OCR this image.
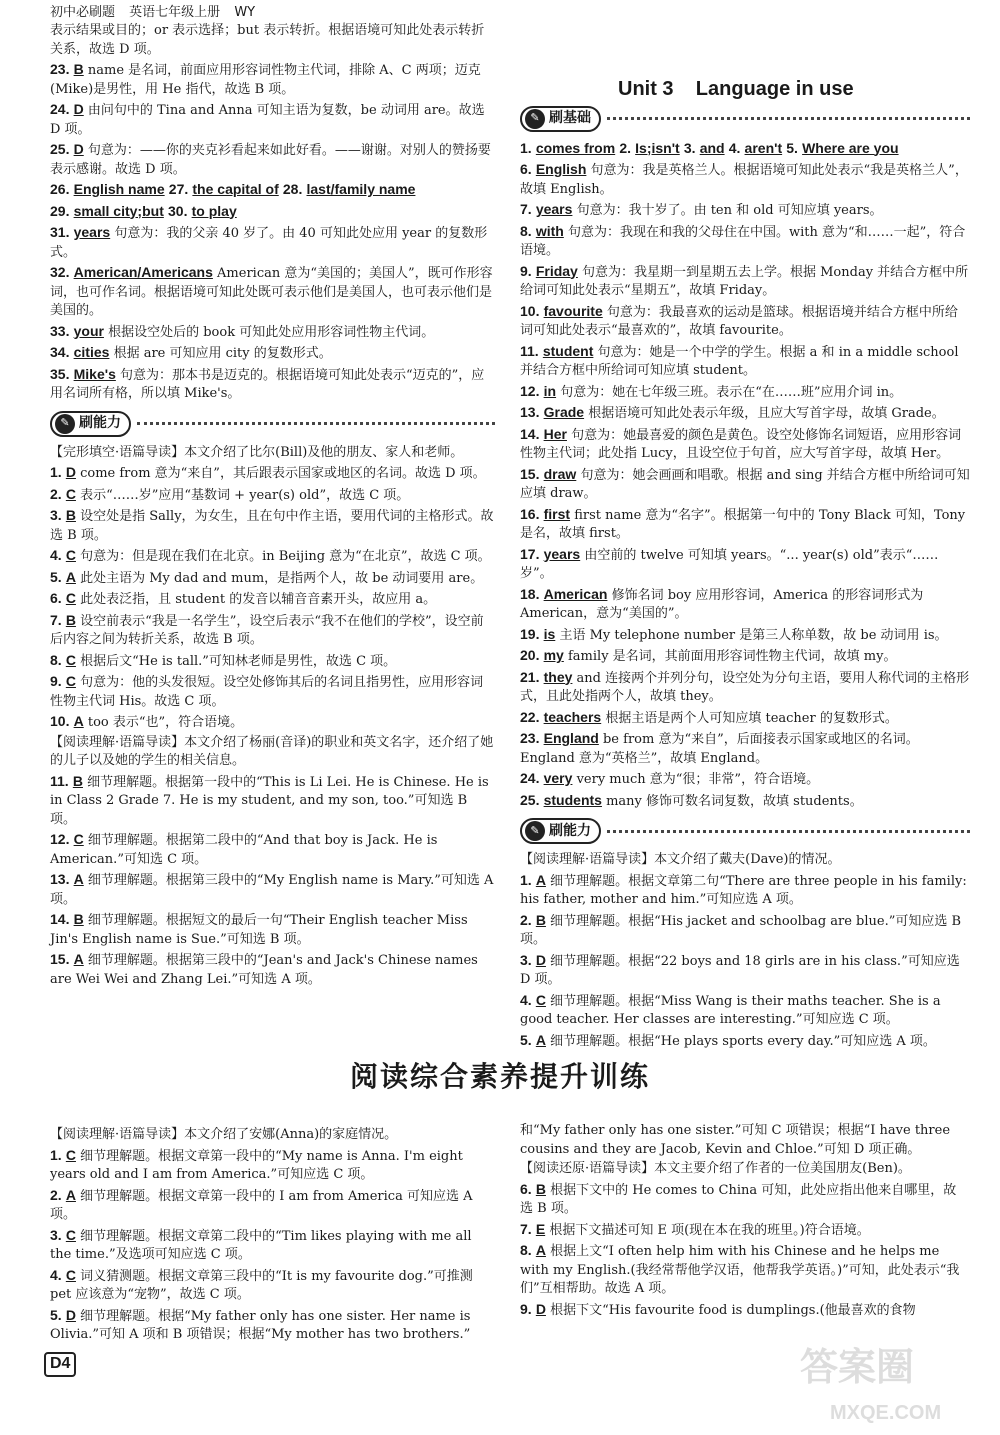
初中必刷题 英语七年级上册 WY

表示结果或目的；or 表示选择；but 表示转折。根据语境可知此处表示转折关系，故选 D 项。

23. B name 是名词，前面应用形容词性物主代词，排除 A、C 两项；迈克(Mike)是男性，用 He 指代，故选 B 项。

24. D 由问句中的 Tina and Anna 可知主语为复数，be 动词用 are。故选 D 项。

25. D 句意为：——你的夹克衫看起来如此好看。——谢谢。对别人的赞扬要表示感谢。故选 D 项。

26. English name 27. the capital of 28. last/family name

29. small city;but 30. to play

31. years 句意为：我的父亲 40 岁了。由 40 可知此处应用 year 的复数形式。

32. American/Americans American 意为“美国的；美国人”，既可作形容词，也可作名词。根据语境可知此处既可表示他们是美国人，也可表示他们是美国的。

33. your 根据设空处后的 book 可知此处应用形容词性物主代词。

34. cities 根据 are 可知应用 city 的复数形式。

35. Mike's 句意为：那本书是迈克的。根据语境可知此处表示“迈克的”，应用名词所有格，所以填 Mike's。

✎ 刷能力

【完形填空·语篇导读】本文介绍了比尔(Bill)及他的朋友、家人和老师。

1. D come from 意为“来自”，其后跟表示国家或地区的名词。故选 D 项。

2. C 表示“……岁”应用“基数词 + year(s) old”，故选 C 项。

3. B 设空处是指 Sally，为女生，且在句中作主语，要用代词的主格形式。故选 B 项。

4. C 句意为：但是现在我们在北京。in Beijing 意为“在北京”，故选 C 项。

5. A 此处主语为 My dad and mum，是指两个人，故 be 动词要用 are。

6. C 此处表泛指，且 student 的发音以辅音音素开头，故应用 a。

7. B 设空前表示“我是一名学生”，设空后表示“我不在他们的学校”，设空前后内容之间为转折关系，故选 B 项。

8. C 根据后文“He is tall.”可知林老师是男性，故选 C 项。

9. C 句意为：他的头发很短。设空处修饰其后的名词且指男性，应用形容词性物主代词 His。故选 C 项。

10. A too 表示“也”，符合语境。

【阅读理解·语篇导读】本文介绍了杨丽(音译)的职业和英文名字，还介绍了她的儿子以及她的学生的相关信息。

11. B 细节理解题。根据第一段中的“This is Li Lei. He is Chinese. He is in Class 2 Grade 7. He is my student, and my son, too.”可知选 B 项。

12. C 细节理解题。根据第二段中的“And that boy is Jack. He is American.”可知选 C 项。

13. A 细节理解题。根据第三段中的“My English name is Mary.”可知选 A 项。

14. B 细节理解题。根据短文的最后一句“Their English teacher Miss Jin's English name is Sue.”可知选 B 项。

15. A 细节理解题。根据第三段中的“Jean's and Jack's Chinese names are Wei Wei and Zhang Lei.”可知选 A 项。

Unit 3    Language in use
✎ 刷基础

1. comes from 2. Is;isn't 3. and 4. aren't 5. Where are you

6. English 句意为：我是英格兰人。根据语境可知此处表示“我是英格兰人”，故填 English。

7. years 句意为：我十岁了。由 ten 和 old 可知应填 years。

8. with 句意为：我现在和我的父母住在中国。with 意为“和……一起”，符合语境。

9. Friday 句意为：我星期一到星期五去上学。根据 Monday 并结合方框中所给词可知此处表示“星期五”，故填 Friday。

10. favourite 句意为：我最喜欢的运动是篮球。根据语境并结合方框中所给词可知此处表示“最喜欢的”，故填 favourite。

11. student 句意为：她是一个中学的学生。根据 a 和 in a middle school 并结合方框中所给词可知应填 student。

12. in 句意为：她在七年级三班。表示在“在……班”应用介词 in。

13. Grade 根据语境可知此处表示年级，且应大写首字母，故填 Grade。

14. Her 句意为：她最喜爱的颜色是黄色。设空处修饰名词短语，应用形容词性物主代词；此处指 Lucy，且设空位于句首，应大写首字母，故填 Her。

15. draw 句意为：她会画画和唱歌。根据 and sing 并结合方框中所给词可知应填 draw。

16. first first name 意为“名字”。根据第一句中的 Tony Black 可知，Tony 是名，故填 first。

17. years 由空前的 twelve 可知填 years。“... year(s) old”表示“……岁”。

18. American 修饰名词 boy 应用形容词，America 的形容词形式为 American，意为“美国的”。

19. is 主语 My telephone number 是第三人称单数，故 be 动词用 is。

20. my family 是名词，其前面用形容词性物主代词，故填 my。

21. they and 连接两个并列分句，设空处为分句主语，要用人称代词的主格形式，且此处指两个人，故填 they。

22. teachers 根据主语是两个人可知应填 teacher 的复数形式。

23. England be from 意为“来自”，后面接表示国家或地区的名词。England 意为“英格兰”，故填 England。

24. very very much 意为“很；非常”，符合语境。

25. students many 修饰可数名词复数，故填 students。

✎ 刷能力

【阅读理解·语篇导读】本文介绍了戴夫(Dave)的情况。

1. A 细节理解题。根据文章第二句“There are three people in his family: his father, mother and him.”可知应选 A 项。

2. B 细节理解题。根据“His jacket and schoolbag are blue.”可知应选 B 项。

3. D 细节理解题。根据“22 boys and 18 girls are in his class.”可知应选 D 项。

4. C 细节理解题。根据“Miss Wang is their maths teacher. She is a good teacher. Her classes are interesting.”可知应选 C 项。

5. A 细节理解题。根据“He plays sports every day.”可知应选 A 项。

阅读综合素养提升训练

【阅读理解·语篇导读】本文介绍了安娜(Anna)的家庭情况。

1. C 细节理解题。根据文章第一段中的“My name is Anna. I'm eight years old and I am from America.”可知应选 C 项。

2. A 细节理解题。根据文章第一段中的 I am from America 可知应选 A 项。

3. C 细节理解题。根据文章第二段中的“Tim likes playing with me all the time.”及选项可知应选 C 项。

4. C 词义猜测题。根据文章第三段中的“It is my favourite dog.”可推测 pet 应该意为“宠物”，故选 C 项。

5. D 细节理解题。根据“My father only has one sister. Her name is Olivia.”可知 A 项和 B 项错误；根据“My mother has two brothers.”

和“My father only has one sister.”可知 C 项错误；根据“I have three cousins and they are Jacob, Kevin and Chloe.”可知 D 项正确。

【阅读还原·语篇导读】本文主要介绍了作者的一位美国朋友(Ben)。

6. B 根据下文中的 He comes to China 可知，此处应指出他来自哪里，故选 B 项。

7. E 根据下文描述可知 E 项(现在本在我的班里。)符合语境。

8. A 根据上文“I often help him with his Chinese and he helps me with my English.(我经常帮他学汉语，他帮我学英语。)”可知，此处表示“我们”互相帮助。故选 A 项。

9. D 根据下文“His favourite food is dumplings.(他最喜欢的食物

D4	答案圈
MXQE.COM
